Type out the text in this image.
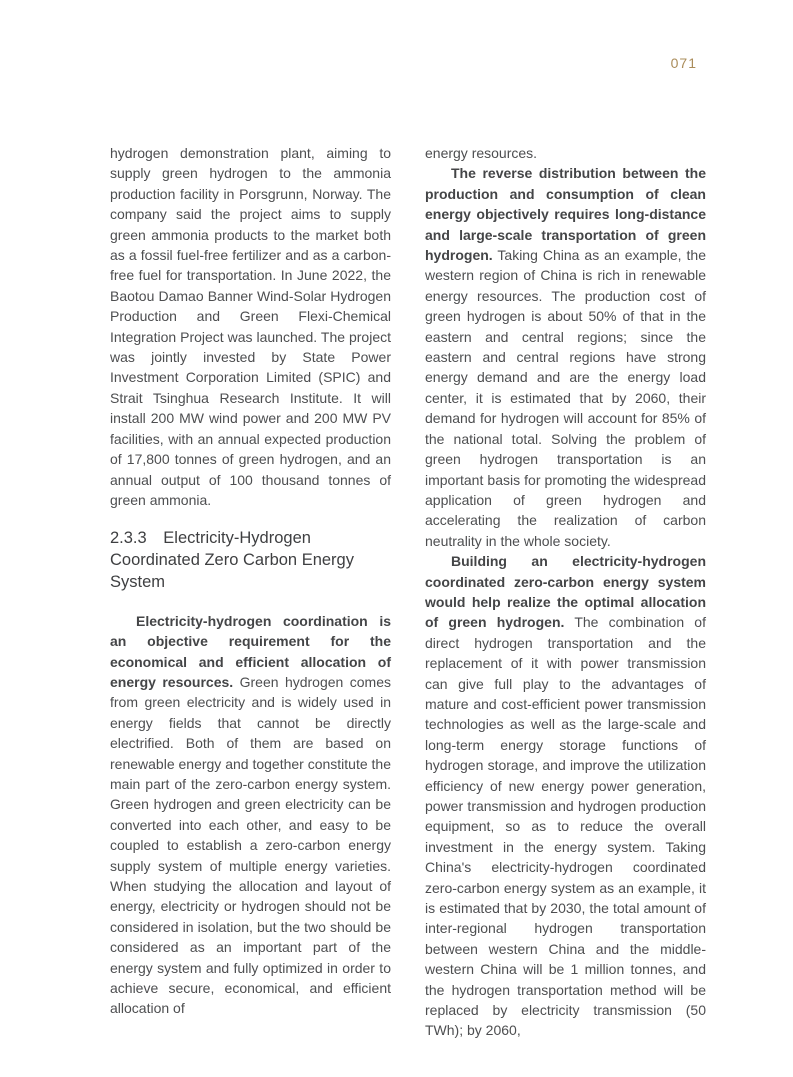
071

hydrogen demonstration plant, aiming to supply green hydrogen to the ammonia production facility in Porsgrunn, Norway. The company said the project aims to supply green ammonia products to the market both as a fossil fuel-free fertilizer and as a carbon-free fuel for transportation. In June 2022, the Baotou Damao Banner Wind-Solar Hydrogen Production and Green Flexi-Chemical Integration Project was launched. The project was jointly invested by State Power Investment Corporation Limited (SPIC) and Strait Tsinghua Research Institute. It will install 200 MW wind power and 200 MW PV facilities, with an annual expected production of 17,800 tonnes of green hydrogen, and an annual output of 100 thousand tonnes of green ammonia.

2.3.3 Electricity-Hydrogen Coordinated Zero Carbon Energy System

Electricity-hydrogen coordination is an objective requirement for the economical and efficient allocation of energy resources. Green hydrogen comes from green electricity and is widely used in energy fields that cannot be directly electrified. Both of them are based on renewable energy and together constitute the main part of the zero-carbon energy system. Green hydrogen and green electricity can be converted into each other, and easy to be coupled to establish a zero-carbon energy supply system of multiple energy varieties. When studying the allocation and layout of energy, electricity or hydrogen should not be considered in isolation, but the two should be considered as an important part of the energy system and fully optimized in order to achieve secure, economical, and efficient allocation of

energy resources.

The reverse distribution between the production and consumption of clean energy objectively requires long-distance and large-scale transportation of green hydrogen. Taking China as an example, the western region of China is rich in renewable energy resources. The production cost of green hydrogen is about 50% of that in the eastern and central regions; since the eastern and central regions have strong energy demand and are the energy load center, it is estimated that by 2060, their demand for hydrogen will account for 85% of the national total. Solving the problem of green hydrogen transportation is an important basis for promoting the widespread application of green hydrogen and accelerating the realization of carbon neutrality in the whole society.

Building an electricity-hydrogen coordinated zero-carbon energy system would help realize the optimal allocation of green hydrogen. The combination of direct hydrogen transportation and the replacement of it with power transmission can give full play to the advantages of mature and cost-efficient power transmission technologies as well as the large-scale and long-term energy storage functions of hydrogen storage, and improve the utilization efficiency of new energy power generation, power transmission and hydrogen production equipment, so as to reduce the overall investment in the energy system. Taking China's electricity-hydrogen coordinated zero-carbon energy system as an example, it is estimated that by 2030, the total amount of inter-regional hydrogen transportation between western China and the middle-western China will be 1 million tonnes, and the hydrogen transportation method will be replaced by electricity transmission (50 TWh); by 2060,
